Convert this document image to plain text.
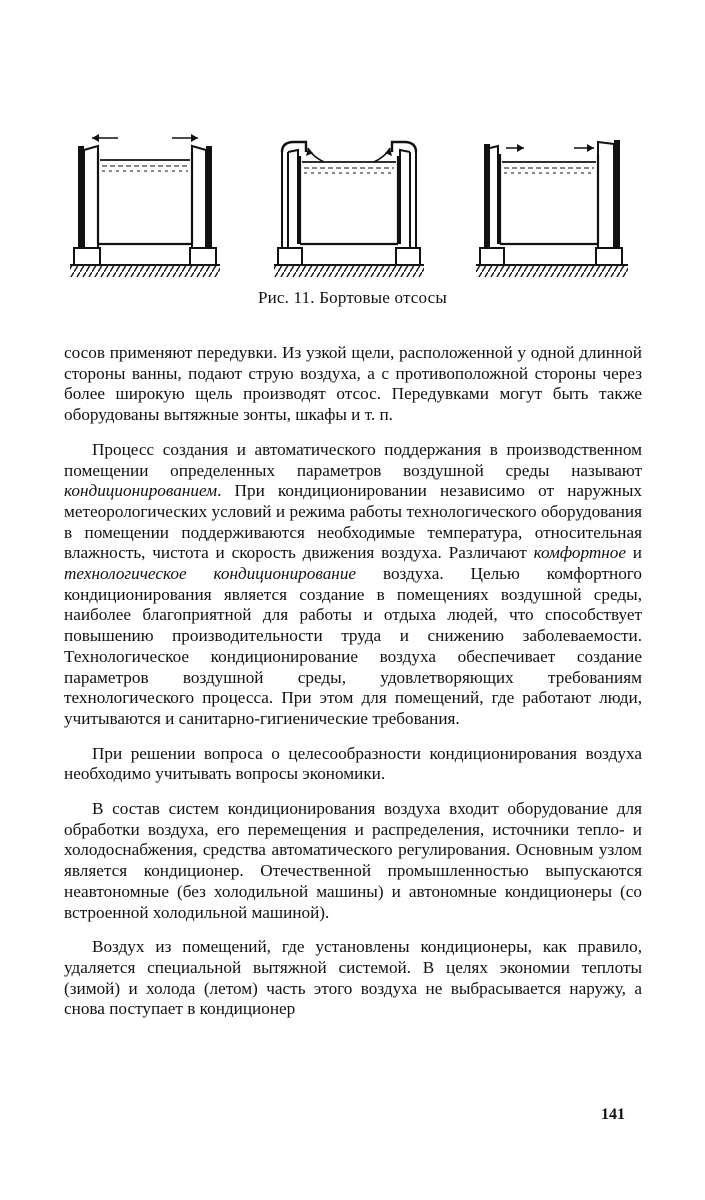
Рис. 11. Бортовые отсосы

сосов применяют передувки. Из узкой щели, расположенной у одной длинной стороны ванны, подают струю воздуха, а с противоположной стороны через более широкую щель производят отсос. Передувками могут быть также оборудованы вытяжные зонты, шкафы и т. п.

Процесс создания и автоматического поддержания в производственном помещении определенных параметров воздушной среды называют кондиционированием. При кондиционировании независимо от наружных метеорологических условий и режима работы технологического оборудования в помещении поддерживаются необходимые температура, относительная влажность, чистота и скорость движения воздуха. Различают комфортное и технологическое кондиционирование воздуха. Целью комфортного кондиционирования является создание в помещениях воздушной среды, наиболее благоприятной для работы и отдыха людей, что способствует повышению производительности труда и снижению заболеваемости. Технологическое кондиционирование воздуха обеспечивает создание параметров воздушной среды, удовлетворяющих требованиям технологического процесса. При этом для помещений, где работают люди, учитываются и санитарно-гигиенические требования.

При решении вопроса о целесообразности кондиционирования воздуха необходимо учитывать вопросы экономики.

В состав систем кондиционирования воздуха входит оборудование для обработки воздуха, его перемещения и распределения, источники тепло- и холодоснабжения, средства автоматического регулирования. Основным узлом является кондиционер. Отечественной промышленностью выпускаются неавтономные (без холодильной машины) и автономные кондиционеры (со встроенной холодильной машиной).

Воздух из помещений, где установлены кондиционеры, как правило, удаляется специальной вытяжной системой. В целях экономии теплоты (зимой) и холода (летом) часть этого воздуха не выбрасывается наружу, а снова поступает в кондиционер

141
